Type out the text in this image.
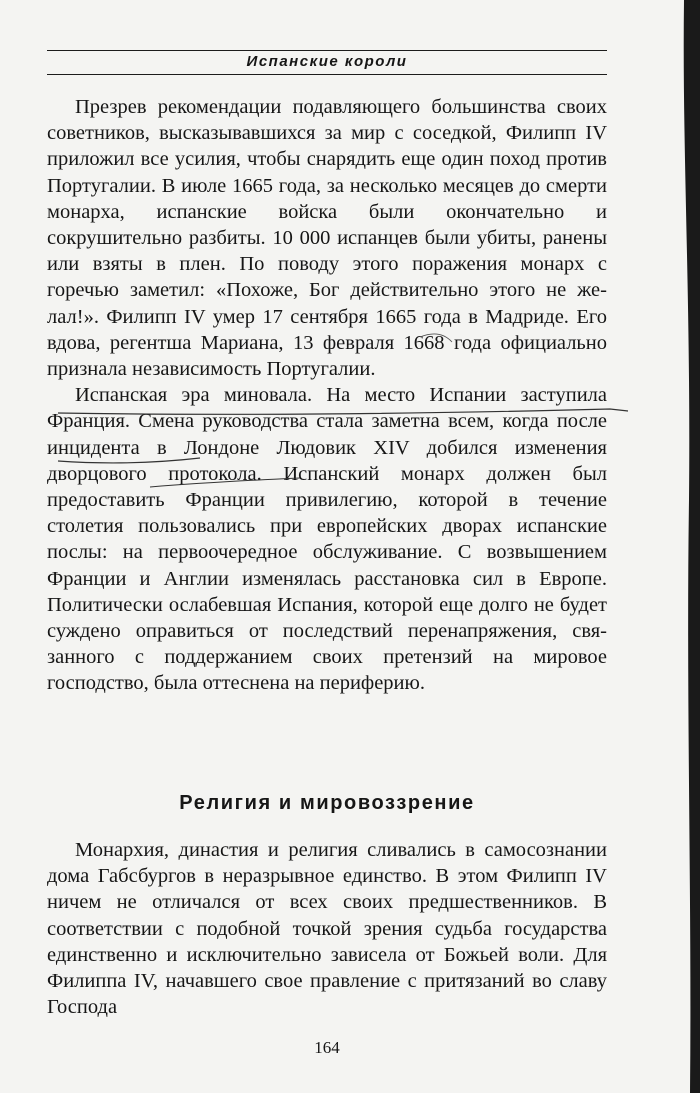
Испанские короли

Презрев рекомендации подавляющего большинства своих советников, высказывавшихся за мир с соседкой, Филипп IV приложил все усилия, чтобы снарядить еще один поход против Португалии. В июле 1665 года, за несколько месяцев до смерти монарха, испанские войска были окончательно и сокрушительно разбиты. 10 000 испанцев были убиты, ранены или взяты в плен. По поводу этого поражения монарх с горечью заметил: «Похоже, Бог действительно этого не желал!». Филипп IV умер 17 сентября 1665 года в Мадриде. Его вдова, регентша Мариана, 13 февраля 1668 года официально признала независимость Португалии.

Испанская эра миновала. На место Испании заступила Франция. Смена руководства стала заметна всем, когда после инцидента в Лондоне Людовик XIV добился изменения дворцового протокола. Испанский монарх должен был предоставить Франции привилегию, которой в течение столетия пользовались при европейских дворах испанские послы: на первоочередное обслуживание. С возвышением Франции и Англии изменялась расстановка сил в Европе. Политически ослабевшая Испания, которой еще долго не будет суждено оправиться от последствий перенапряжения, связанного с поддержанием своих претензий на мировое господство, была оттеснена на периферию.

Религия и мировоззрение

Монархия, династия и религия сливались в самосознании дома Габсбургов в неразрывное единство. В этом Филипп IV ничем не отличался от всех своих предшественников. В соответствии с подобной точкой зрения судьба государства единственно и исключительно зависела от Божьей воли. Для Филиппа IV, начавшего свое правление с притязаний во славу Господа

164
